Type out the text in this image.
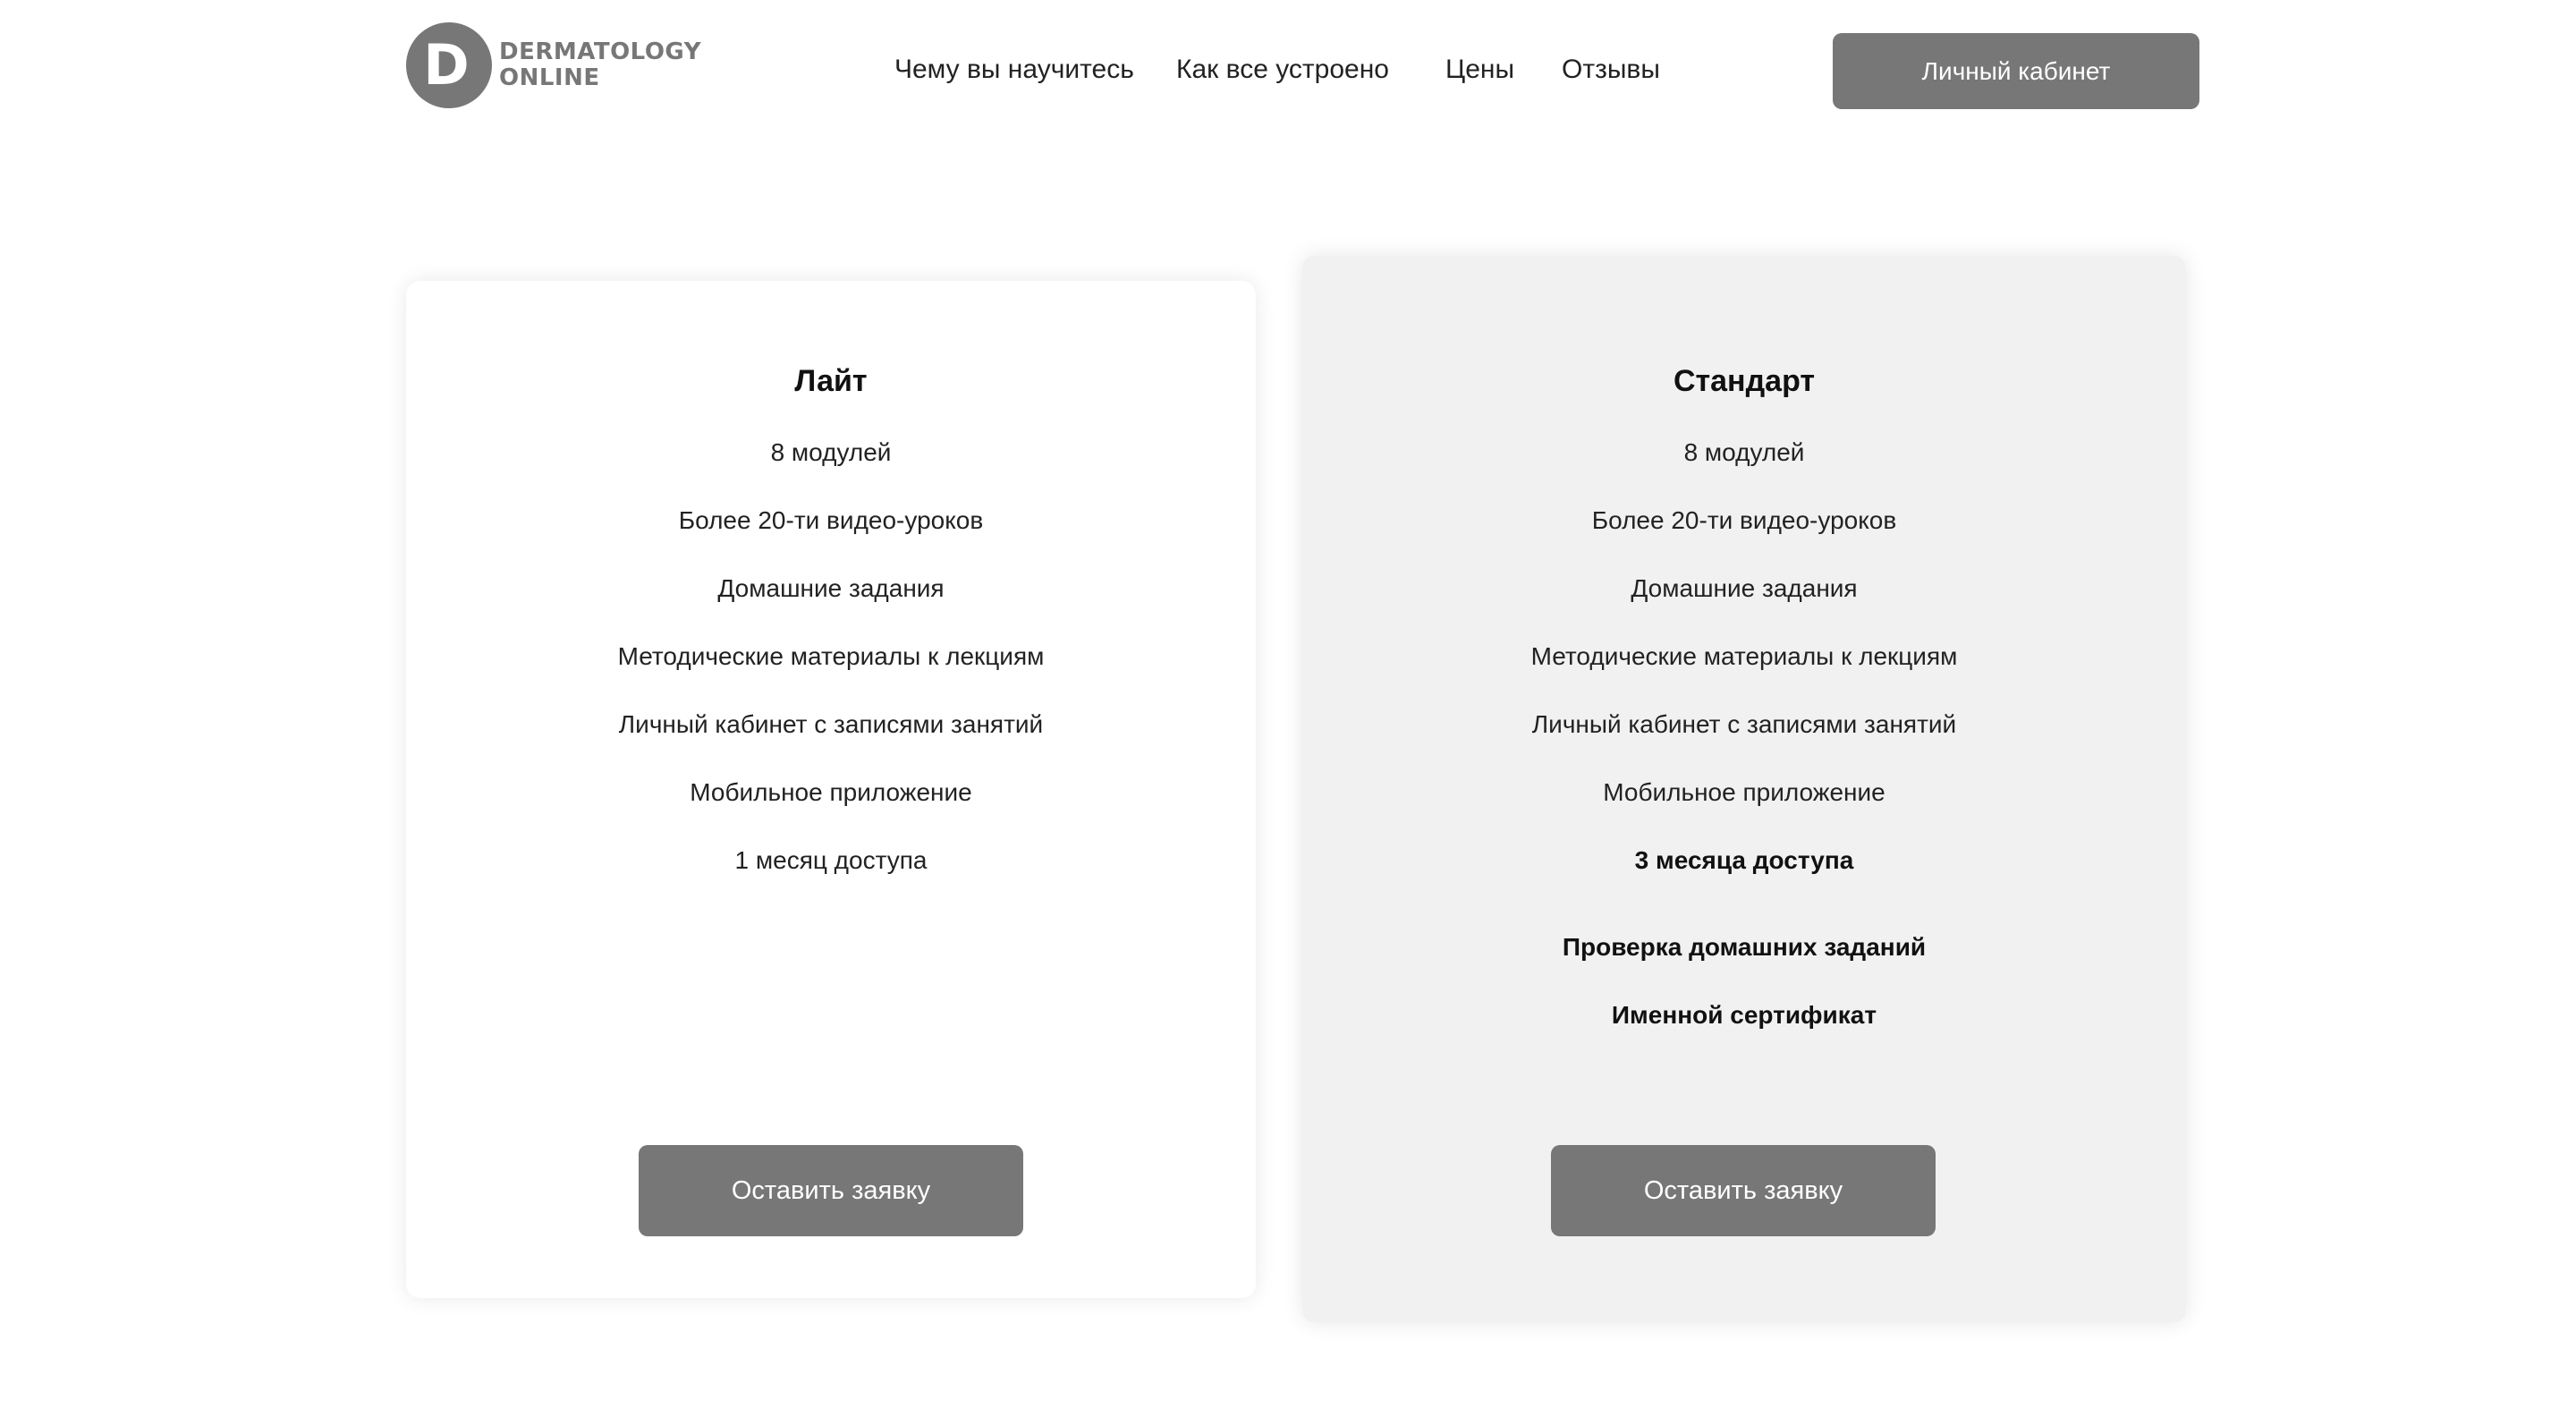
D	DERMATOLOGY
ONLINE	Чему вы научитесь Как все устроено Цены Отзывы	Личный кабинет
Лайт
8 модулей
Более 20-ти видео-уроков
Домашние задания
Методические материалы к лекциям
Личный кабинет с записями занятий
Мобильное приложение
1 месяц доступа
Оставить заявку
Стандарт
8 модулей
Более 20-ти видео-уроков
Домашние задания
Методические материалы к лекциям
Личный кабинет с записями занятий
Мобильное приложение
3 месяца доступа
Проверка домашних заданий
Именной сертификат
Оставить заявку
